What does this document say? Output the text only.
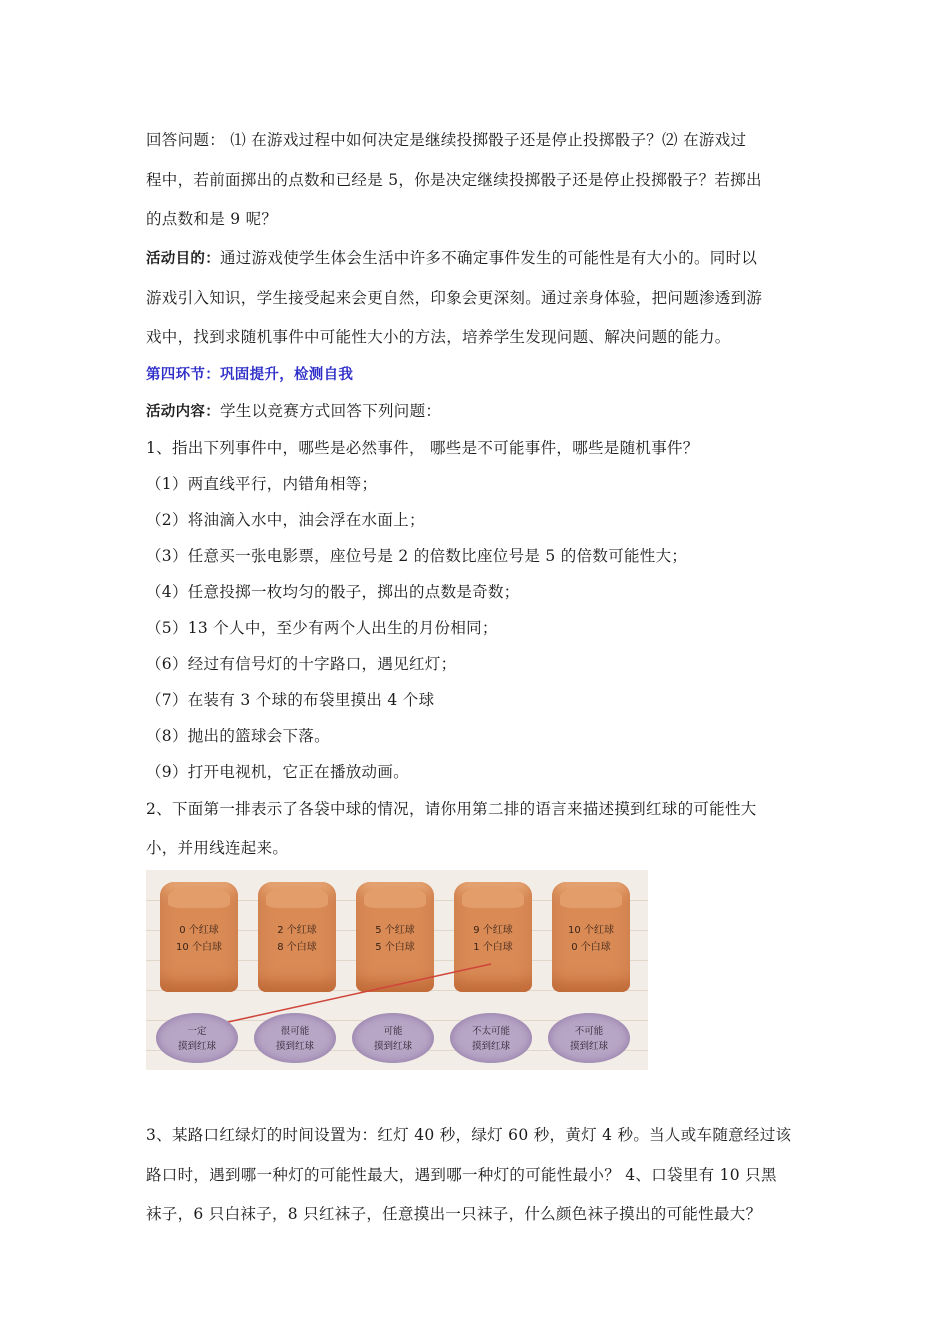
回答问题： ⑴ 在游戏过程中如何决定是继续投掷骰子还是停止投掷骰子？⑵ 在游戏过
程中，若前面掷出的点数和已经是 5，你是决定继续投掷骰子还是停止投掷骰子？若掷出
的点数和是 9 呢？
活动目的：通过游戏使学生体会生活中许多不确定事件发生的可能性是有大小的。同时以
游戏引入知识，学生接受起来会更自然，印象会更深刻。通过亲身体验，把问题渗透到游
戏中，找到求随机事件中可能性大小的方法，培养学生发现问题、解决问题的能力。
第四环节：巩固提升，检测自我
活动内容：学生以竞赛方式回答下列问题：
1、指出下列事件中，哪些是必然事件， 哪些是不可能事件，哪些是随机事件？
（1）两直线平行，内错角相等；
（2）将油滴入水中，油会浮在水面上；
（3）任意买一张电影票，座位号是 2 的倍数比座位号是 5 的倍数可能性大；
（4）任意投掷一枚均匀的骰子，掷出的点数是奇数；
（5）13 个人中，至少有两个人出生的月份相同；
（6）经过有信号灯的十字路口，遇见红灯；
（7）在装有 3 个球的布袋里摸出 4 个球
（8）抛出的篮球会下落。
（9）打开电视机，它正在播放动画。
2、下面第一排表示了各袋中球的情况，请你用第二排的语言来描述摸到红球的可能性大
小，并用线连起来。
0 个红球
10 个白球
2 个红球
8 个白球
5 个红球
5 个白球
9 个红球
1 个白球
10 个红球
0 个白球
一定
摸到红球
很可能
摸到红球
可能
摸到红球
不太可能
摸到红球
不可能
摸到红球
3、某路口红绿灯的时间设置为：红灯 40 秒，绿灯 60 秒，黄灯 4 秒。当人或车随意经过该
路口时，遇到哪一种灯的可能性最大，遇到哪一种灯的可能性最小？ 4、口袋里有 10 只黑
袜子，6 只白袜子，8 只红袜子，任意摸出一只袜子，什么颜色袜子摸出的可能性最大？
